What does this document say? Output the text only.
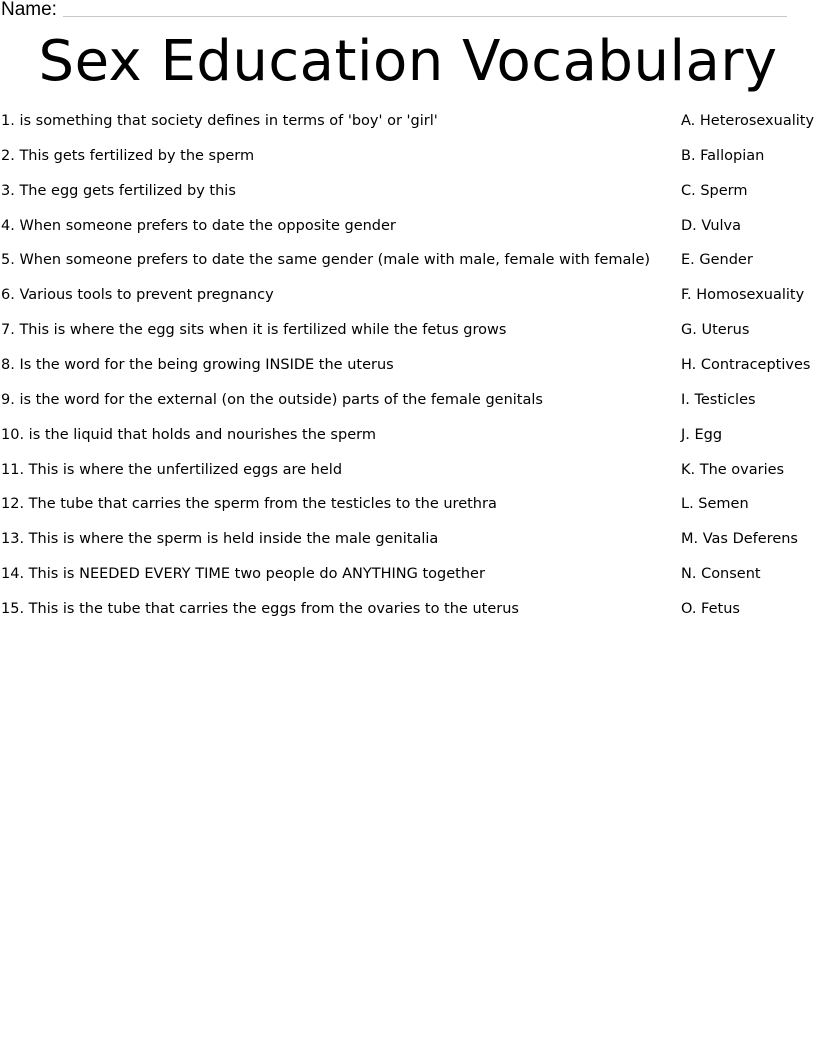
Name:
Sex Education Vocabulary
1. is something that society defines in terms of 'boy' or 'girl'	A. Heterosexuality
2. This gets fertilized by the sperm	B. Fallopian
3. The egg gets fertilized by this	C. Sperm
4. When someone prefers to date the opposite gender	D. Vulva
5. When someone prefers to date the same gender (male with male, female with female) E. Gender
6. Various tools to prevent pregnancy	F. Homosexuality
7. This is where the egg sits when it is fertilized while the fetus grows	G. Uterus
8. Is the word for the being growing INSIDE the uterus	H. Contraceptives
9. is the word for the external (on the outside) parts of the female genitals	I. Testicles
10. is the liquid that holds and nourishes the sperm	J. Egg
11. This is where the unfertilized eggs are held	K. The ovaries
12. The tube that carries the sperm from the testicles to the urethra	L. Semen
13. This is where the sperm is held inside the male genitalia	M. Vas Deferens
14. This is NEEDED EVERY TIME two people do ANYTHING together	N. Consent
15. This is the tube that carries the eggs from the ovaries to the uterus	O. Fetus
